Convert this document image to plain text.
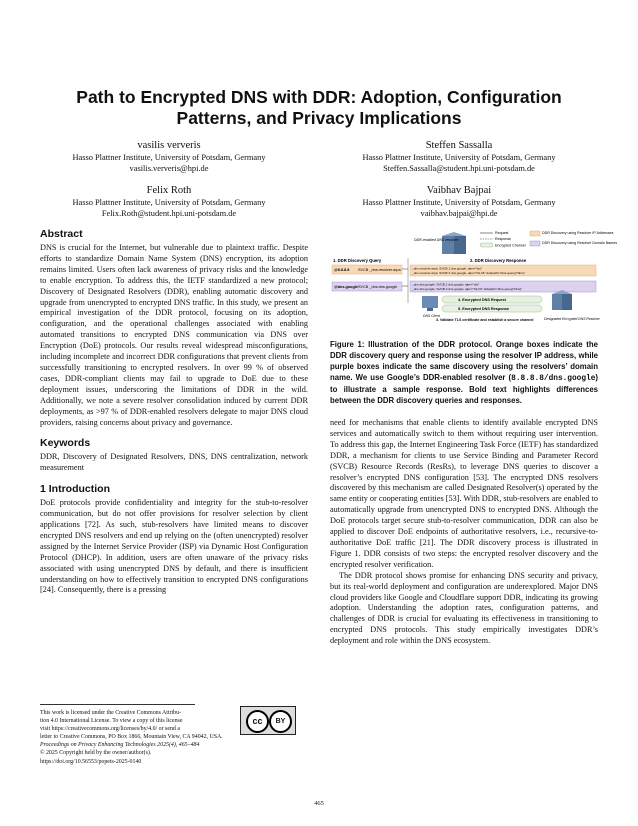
Path to Encrypted DNS with DDR: Adoption, Configuration Patterns, and Privacy Implications
vasilis ververis
Hasso Plattner Institute, University of Potsdam, Germany
vasilis.ververis@hpi.de
Steffen Sassalla
Hasso Plattner Institute, University of Potsdam, Germany
Steffen.Sassalla@student.hpi.uni-potsdam.de
Felix Roth
Hasso Plattner Institute, University of Potsdam, Germany
Felix.Roth@student.hpi.uni-potsdam.de
Vaibhav Bajpai
Hasso Plattner Institute, University of Potsdam, Germany
vaibhav.bajpai@hpi.de
Abstract

DNS is crucial for the Internet, but vulnerable due to plaintext traffic. Despite efforts to standardize Domain Name System (DNS) encryption, its adoption remains limited. Users often lack awareness of privacy risks and the knowledge to enable encryption. To address this, the IETF standardized a new protocol; Discovery of Designated Resolvers (DDR), enabling automatic discovery and upgrade from unencrypted to encrypted DNS traffic. In this study, we present an empirical investigation of the DDR protocol, focusing on its adoption, configuration, and the operational challenges associated with enabling automated transitions to encrypted DNS communication via DNS over Encryption (DoE) protocols. Our results reveal widespread misconfigurations, including incomplete and incorrect DDR configurations that prevent clients from successfully transitioning to encrypted resolvers. In over 99 % of observed cases, DDR-compliant clients may fail to upgrade to DoE due to these deployment issues, underscoring the limitations of DDR in the wild. Additionally, we note a severe resolver consolidation induced by current DDR deployments, as >97 % of DDR-enabled resolvers delegate to major DNS cloud providers, raising concerns about privacy and governance.

Keywords

DDR, Discovery of Designated Resolvers, DNS, DNS centralization, network measurement

1 Introduction

DoE protocols provide confidentiality and integrity for the stub-to-resolver communication, but do not offer provisions for resolver selection by client applications [72]. As such, stub-resolvers have limited means to discover encrypted DNS resolvers and end up relying on the (often unencrypted) resolver assigned by the Internet Service Provider (ISP) via Dynamic Host Configuration Protocol (DHCP). In addition, users are often unaware of the privacy risks associated with using unencrypted DNS by default, and there is insufficient understanding on how to effectively transition to encrypted DNS configurations [24]. Consequently, there is a pressing

DDR-enabled DNS resolver
Request
Response
Encrypted Channel
DDR Discovery using Resolver IP Addresses
DDR Discovery using Resolver Domain Names
1. DDR Discovery Query	2. DDR Discovery Response
@8.8.8.8 SVCB _dns.resolver.arpa
@dns.google SVCB _dns.dns.google
_dns.resolver.arpa. SVCB 1 dns.google. alpn="dot"
_dns.resolver.arpa. SVCB 2 dns.google. alpn="h2,h3" dohpath="/dns-query{?dns}"
_dns.dns.google. SVCB 1 dns.google. alpn="dot"
_dns.dns.google. SVCB 2 dns.google. alpn="h2,h3" dohpath="/dns-query{?dns}"
DNS Client
4. Encrypted DNS Request
5. Encrypted DNS Response
3. Validate TLS certificate and establish a secure channel	Designated Encrypted DNS Resolver
Figure 1: Illustration of the DDR protocol. Orange boxes indicate the DDR discovery query and response using the resolver IP address, while purple boxes indicate the same discovery using the resolvers’ domain name. We use Google’s DDR-enabled resolver (8.8.8.8/dns.google) to illustrate a sample response. Bold text highlights differences between the DDR discovery queries and responses.

need for mechanisms that enable clients to identify available encrypted DNS services and automatically switch to them without requiring user intervention. To address this gap, the Internet Engineering Task Force (IETF) has standardized DDR, a mechanism for clients to use Service Binding and Parameter Record (SVCB) Resource Records (ResRs), to leverage DNS queries to discover a resolver’s encrypted DNS configuration [53]. The encrypted DNS resolvers discovered by this mechanism are called Designated Resolver(s) operated by the same entity or cooperating entities [53]. With DDR, stub-resolvers are enabled to automatically upgrade from unencrypted DNS to encrypted DNS. Although the DoE protocols target secure stub-to-resolver communication, DDR can also be applied to discover DoE endpoints of authoritative resolvers, i.e., recursive-to-authoritative DoE traffic [21]. The DDR discovery process is illustrated in Figure 1. DDR consists of two steps: the encrypted resolver discovery and the encrypted resolver verification.

The DDR protocol shows promise for enhancing DNS security and privacy, but its real-world deployment and configuration are underexplored. Major DNS cloud providers like Google and Cloudflare support DDR, indicating its growing adoption. Understanding the adoption rates, configuration patterns, and challenges of DDR is crucial for evaluating its effectiveness in transitioning to encrypted DNS protocols. This study empirically investigates DDR’s deployment and role within the DNS ecosystem.

This work is licensed under the Creative Commons Attribu-
tion 4.0 International License. To view a copy of this license
visit https://creativecommons.org/licenses/by/4.0/ or send a
letter to Creative Commons, PO Box 1866, Mountain View, CA 94042, USA.
Proceedings on Privacy Enhancing Technologies 2025(4), 465–484
© 2025 Copyright held by the owner/author(s).
https://doi.org/10.56553/popets-2025-0140
cc	BY
465
